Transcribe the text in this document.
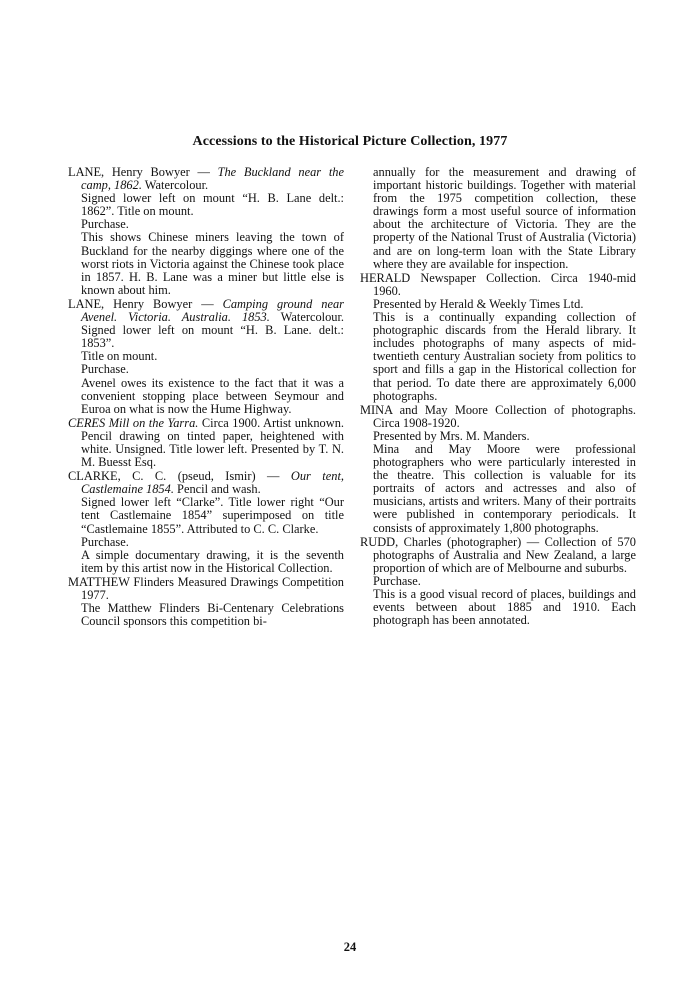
Accessions to the Historical Picture Collection, 1977
LANE, Henry Bowyer — The Buckland near the camp, 1862. Watercolour.
Signed lower left on mount “H. B. Lane delt.: 1862”. Title on mount.
Purchase.
This shows Chinese miners leaving the town of Buckland for the nearby diggings where one of the worst riots in Victoria against the Chinese took place in 1857. H. B. Lane was a miner but little else is known about him.
LANE, Henry Bowyer — Camping ground near Avenel. Victoria. Australia. 1853. Watercolour. Signed lower left on mount “H. B. Lane. delt.: 1853”.
Title on mount.
Purchase.
Avenel owes its existence to the fact that it was a convenient stopping place between Seymour and Euroa on what is now the Hume Highway.
CERES Mill on the Yarra. Circa 1900. Artist unknown. Pencil drawing on tinted paper, heightened with white. Unsigned. Title lower left. Presented by T. N. M. Buesst Esq.
CLARKE, C. C. (pseud, Ismir) — Our tent, Castlemaine 1854. Pencil and wash.
Signed lower left “Clarke”. Title lower right “Our tent Castlemaine 1854” superimposed on title “Castlemaine 1855”. Attributed to C. C. Clarke.
Purchase.
A simple documentary drawing, it is the seventh item by this artist now in the Historical Collection.
MATTHEW Flinders Measured Drawings Competition 1977.
The Matthew Flinders Bi-Centenary Celebrations Council sponsors this competition bi-
annually for the measurement and drawing of important historic buildings. Together with material from the 1975 competition collection, these drawings form a most useful source of information about the architecture of Victoria. They are the property of the National Trust of Australia (Victoria) and are on long-term loan with the State Library where they are available for inspection.
HERALD Newspaper Collection. Circa 1940-mid 1960.
Presented by Herald & Weekly Times Ltd.
This is a continually expanding collection of photographic discards from the Herald library. It includes photographs of many aspects of mid-twentieth century Australian society from politics to sport and fills a gap in the Historical collection for that period. To date there are approximately 6,000 photographs.
MINA and May Moore Collection of photographs. Circa 1908-1920.
Presented by Mrs. M. Manders.
Mina and May Moore were professional photographers who were particularly interested in the theatre. This collection is valuable for its portraits of actors and actresses and also of musicians, artists and writers. Many of their portraits were published in contemporary periodicals. It consists of approximately 1,800 photographs.
RUDD, Charles (photographer) — Collection of 570 photographs of Australia and New Zealand, a large proportion of which are of Melbourne and suburbs.
Purchase.
This is a good visual record of places, buildings and events between about 1885 and 1910. Each photograph has been annotated.
24
